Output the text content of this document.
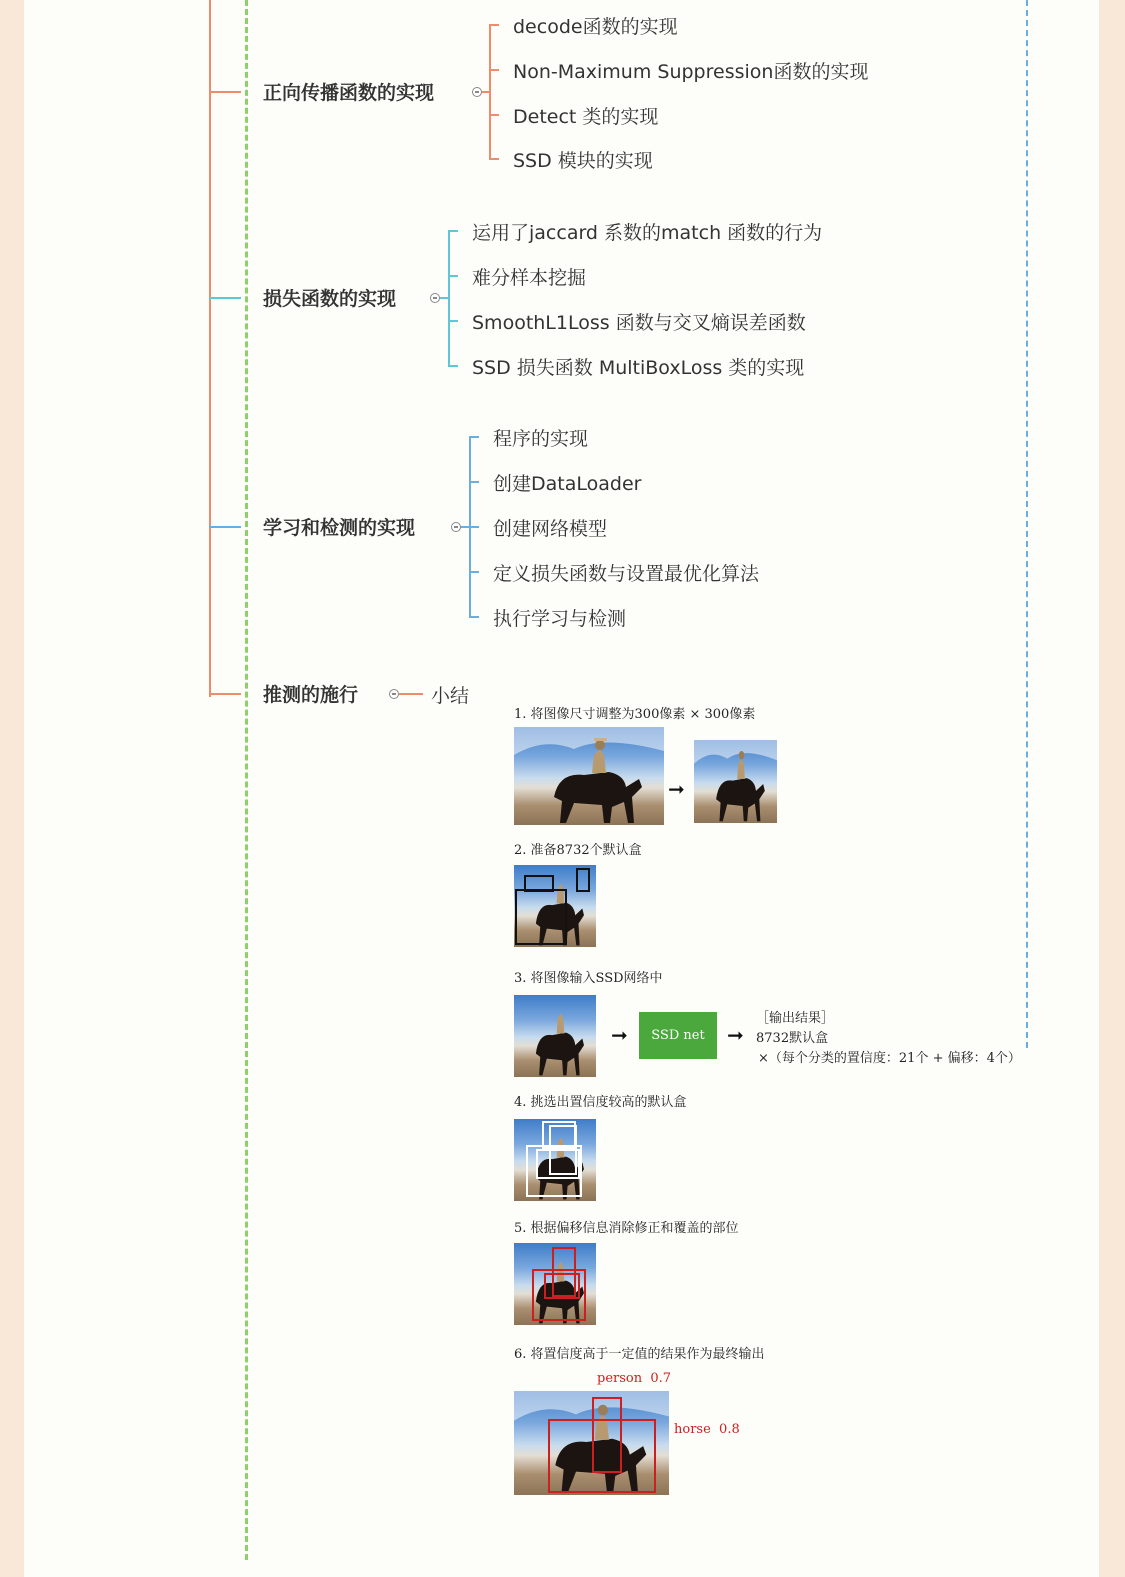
正向传播函数的实现
decode函数的实现
Non-Maximum Suppression函数的实现
Detect 类的实现
SSD 模块的实现
损失函数的实现
运用了jaccard 系数的match 函数的行为
难分样本挖掘
SmoothL1Loss 函数与交叉熵误差函数
SSD 损失函数 MultiBoxLoss 类的实现
学习和检测的实现
程序的实现
创建DataLoader
创建网络模型
定义损失函数与设置最优化算法
执行学习与检测
推测的施行	小结
1. 将图像尺寸调整为300像素 × 300像素
➞
2. 准备8732个默认盒
3. 将图像输入SSD网络中
➞	SSD net	➞
［输出结果］
8732默认盒
×（每个分类的置信度：21个 + 偏移：4个）
4. 挑选出置信度较高的默认盒
5. 根据偏移信息消除修正和覆盖的部位
6. 将置信度高于一定值的结果作为最终输出
person 0.7
horse 0.8
